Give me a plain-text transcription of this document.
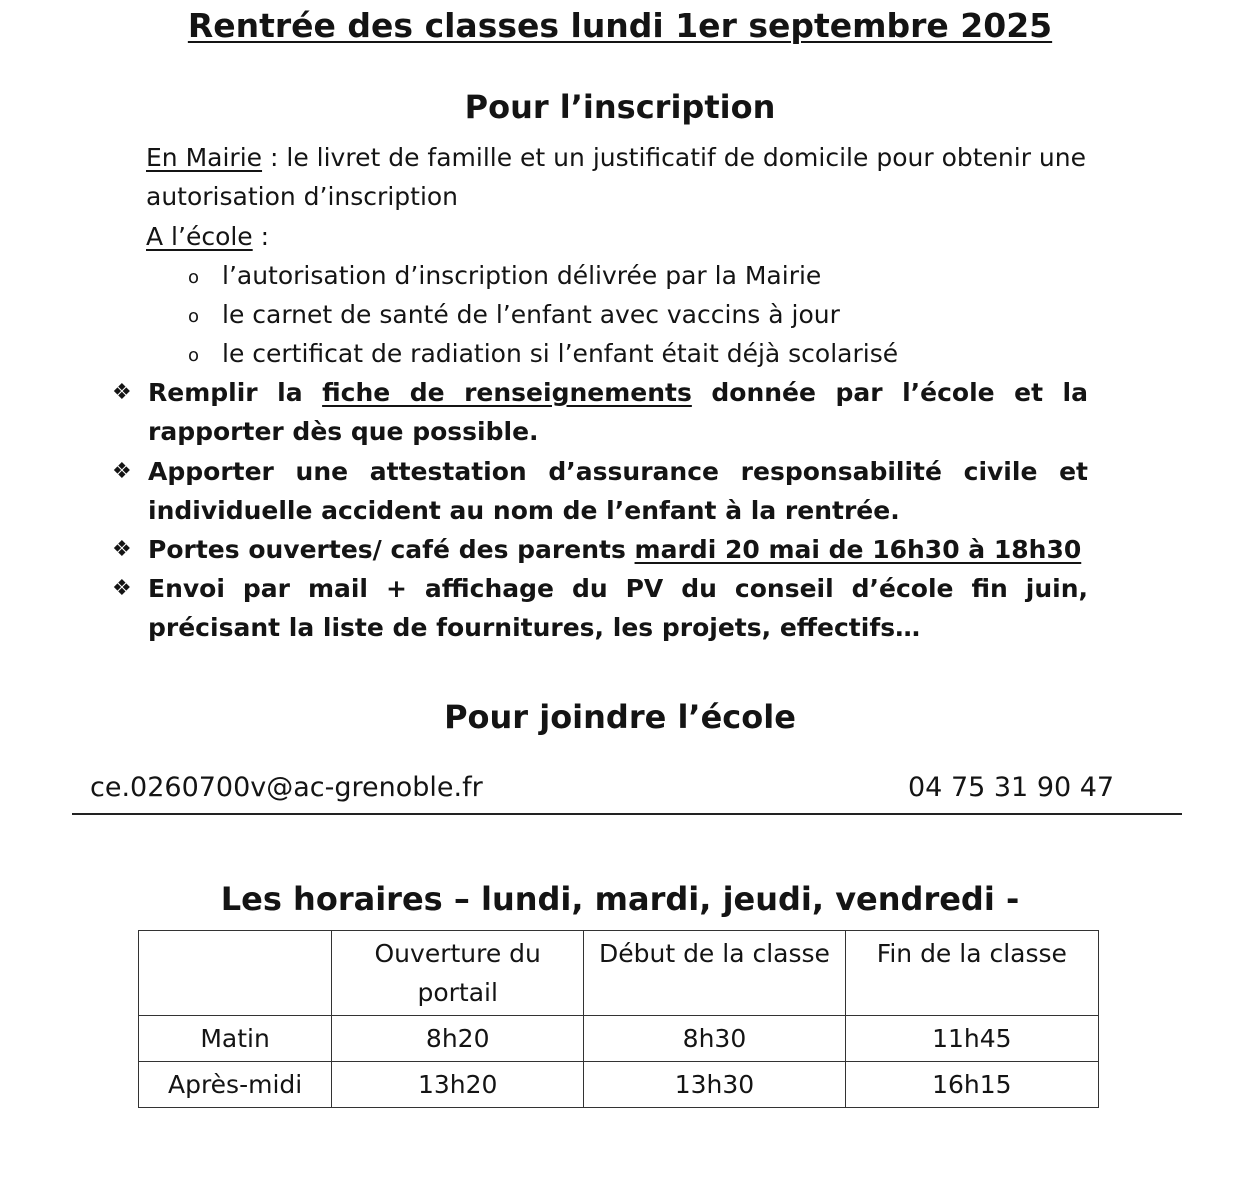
Rentrée des classes lundi 1er septembre 2025
Pour l’inscription
En Mairie : le livret de famille et un justificatif de domicile pour obtenir une autorisation d’inscription
A l’école :
o l’autorisation d’inscription délivrée par la Mairie
o le carnet de santé de l’enfant avec vaccins à jour
o le certificat de radiation si l’enfant était déjà scolarisé
❖ Remplir la fiche de renseignements donnée par l’école et la rapporter dès que possible.
❖ Apporter une attestation d’assurance responsabilité civile et individuelle accident au nom de l’enfant à la rentrée.
❖ Portes ouvertes/ café des parents mardi 20 mai de 16h30 à 18h30
❖ Envoi par mail + affichage du PV du conseil d’école fin juin, précisant la liste de fournitures, les projets, effectifs…
Pour joindre l’école
ce.0260700v@ac-grenoble.fr	04 75 31 90 47
Les horaires – lundi, mardi, jeudi, vendredi -
	Ouverture du portail	Début de la classe	Fin de la classe
Matin	8h20	8h30	11h45
Après-midi	13h20	13h30	16h15
